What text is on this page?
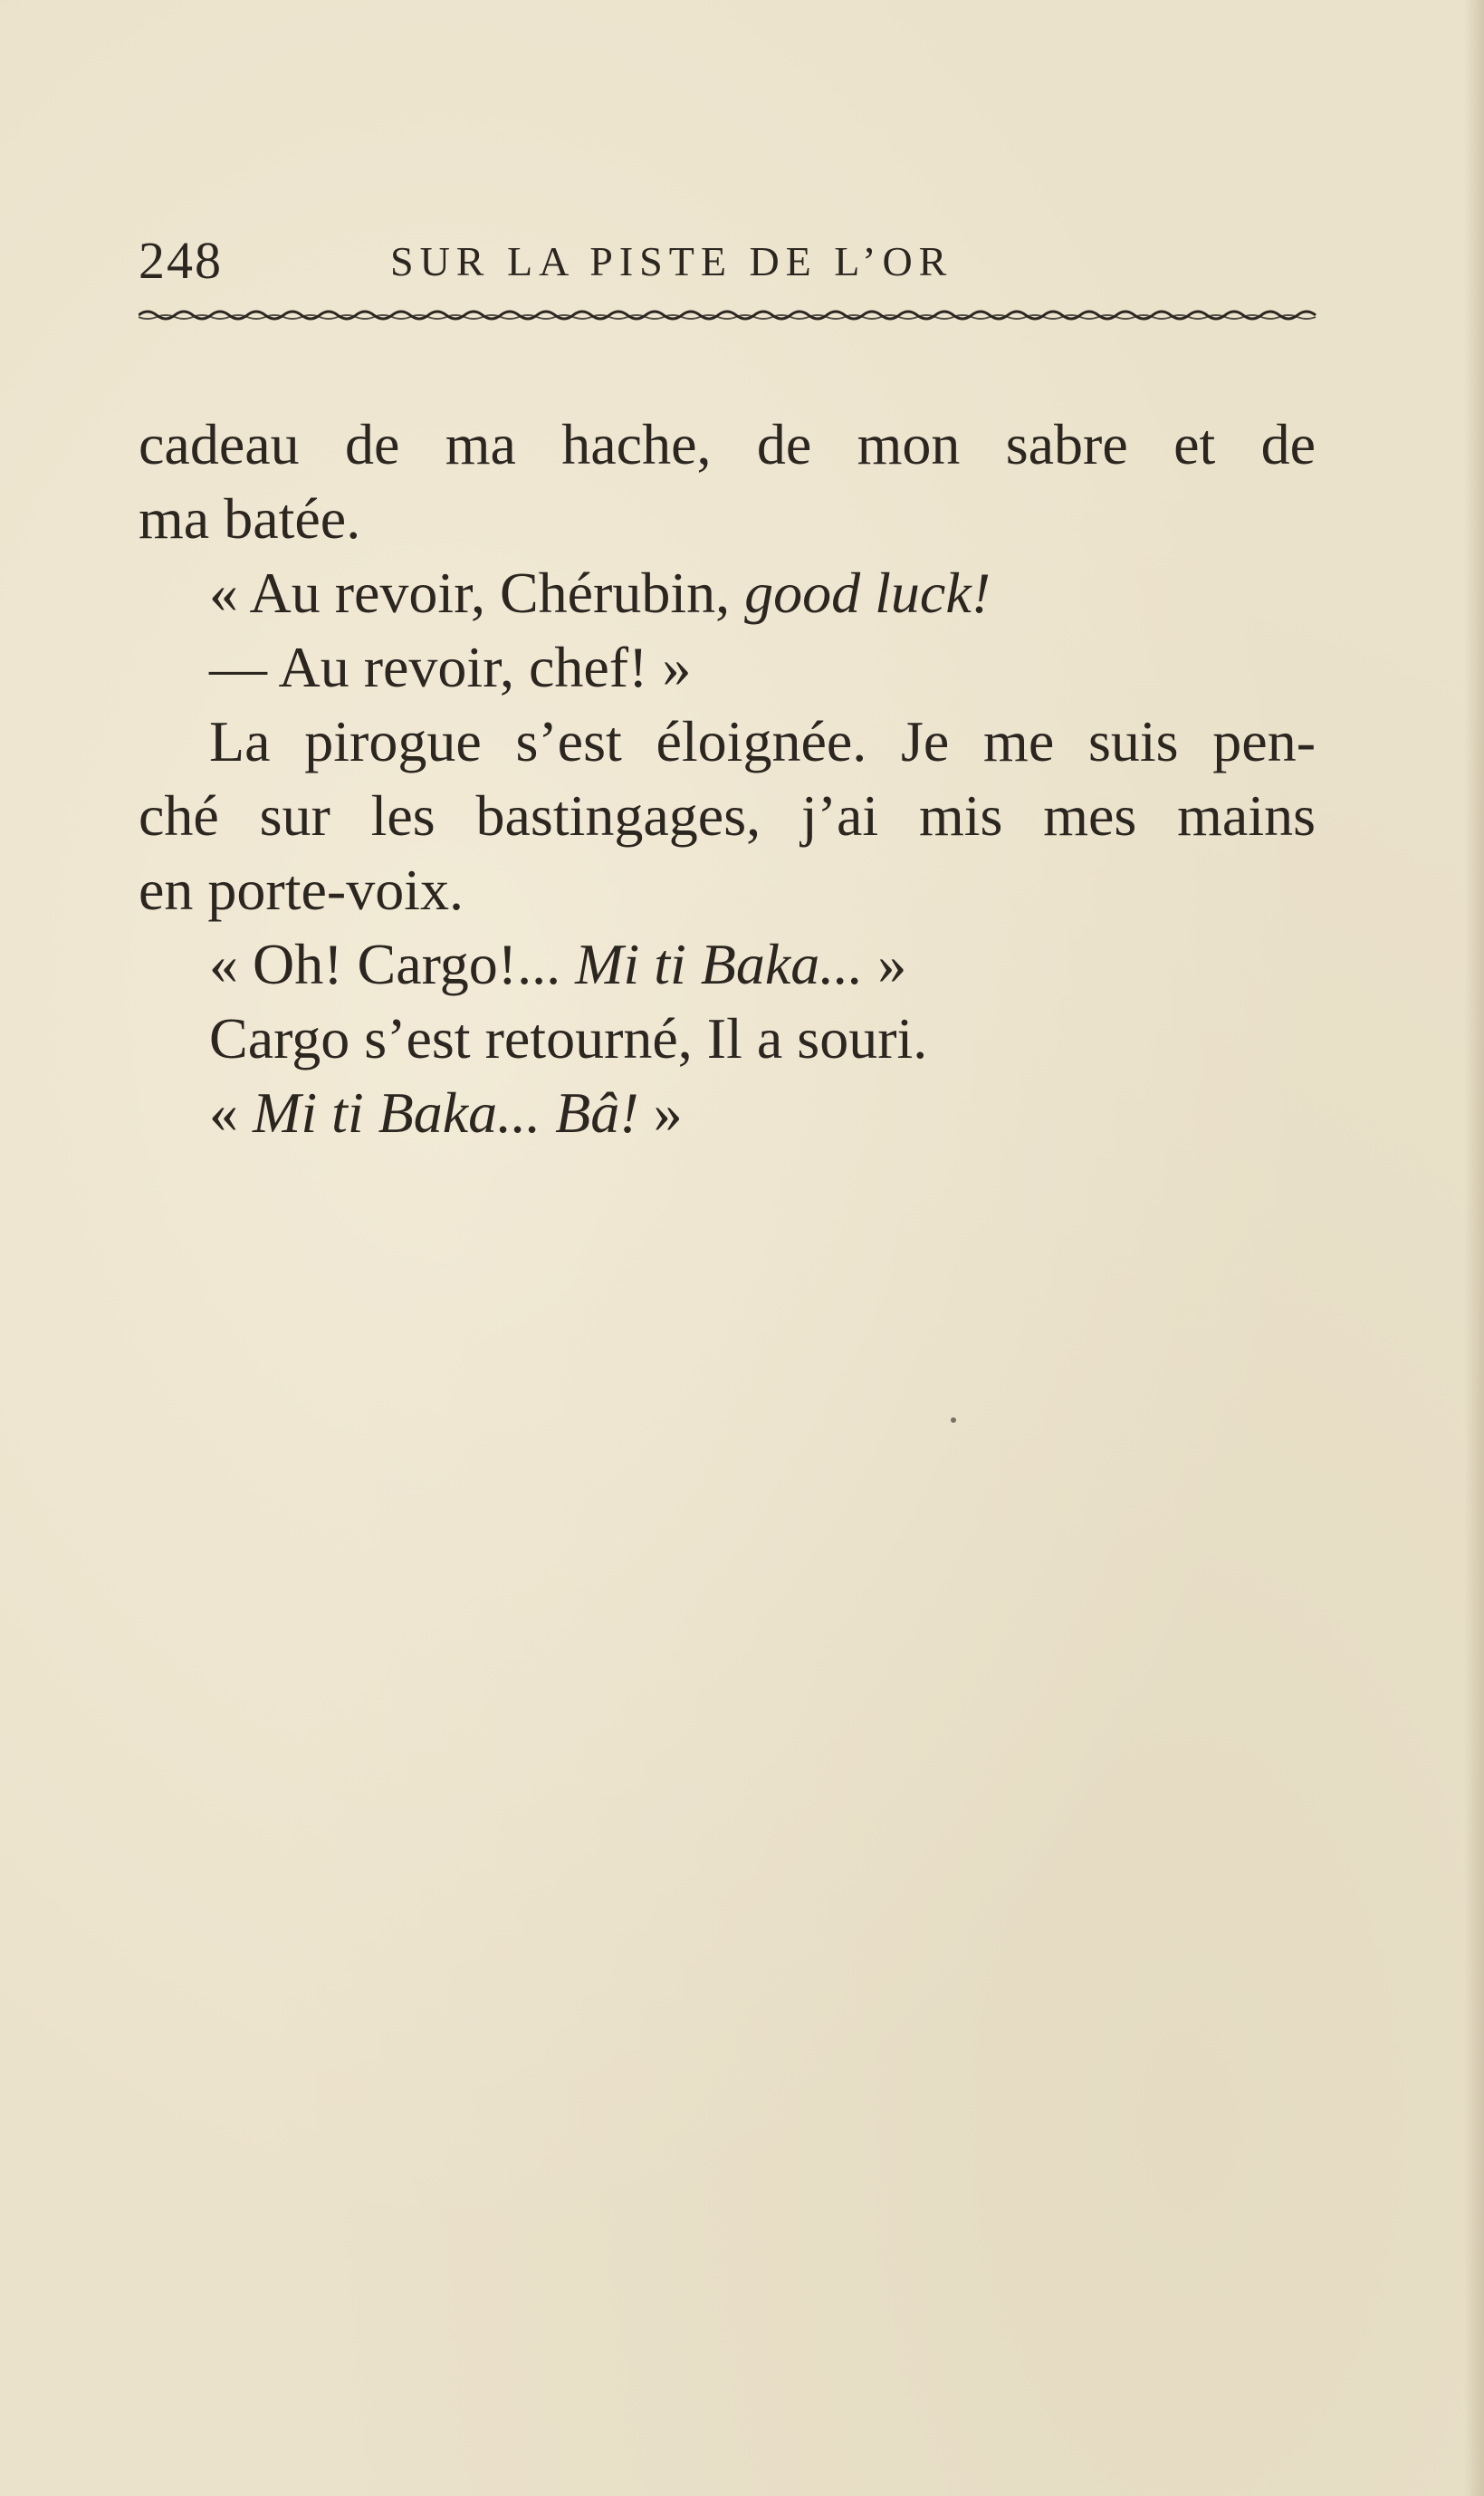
248	SUR LA PISTE DE L’OR
cadeau de ma hache, de mon sabre et de
ma batée.
« Au revoir, Chérubin, good luck!
— Au revoir, chef! »
La pirogue s’est éloignée. Je me suis pen-
ché sur les bastingages, j’ai mis mes mains
en porte-voix.
« Oh! Cargo!... Mi ti Baka... »
Cargo s’est retourné, Il a souri.
« Mi ti Baka... Bâ! »
